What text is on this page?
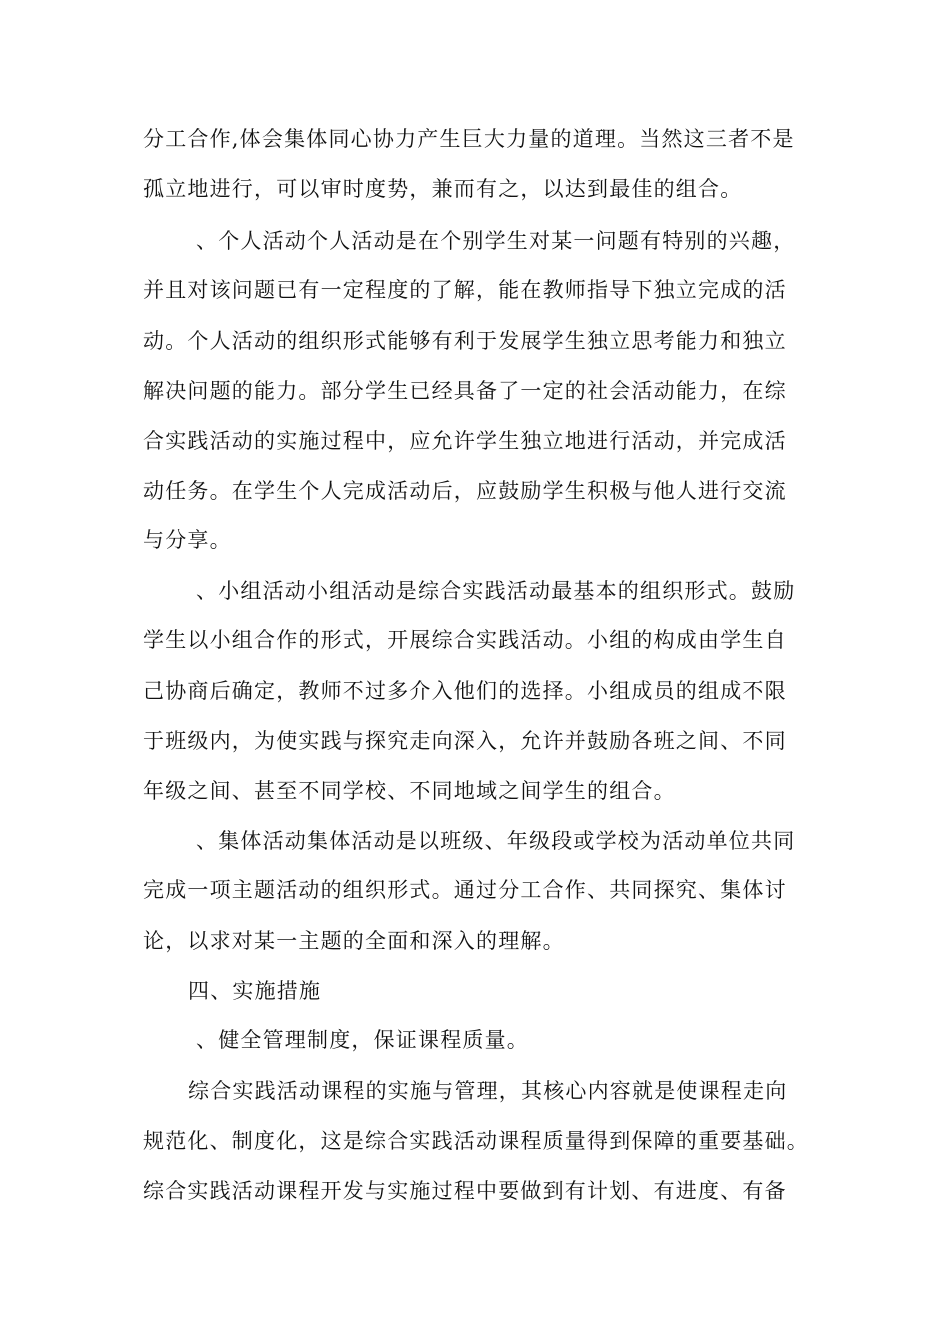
分工合作,体会集体同心协力产生巨大力量的道理。当然这三者不是
孤立地进行，可以审时度势，兼而有之，以达到最佳的组合。
、个人活动个人活动是在个别学生对某一问题有特别的兴趣，
并且对该问题已有一定程度的了解，能在教师指导下独立完成的活
动。个人活动的组织形式能够有利于发展学生独立思考能力和独立
解决问题的能力。部分学生已经具备了一定的社会活动能力，在综
合实践活动的实施过程中，应允许学生独立地进行活动，并完成活
动任务。在学生个人完成活动后，应鼓励学生积极与他人进行交流
与分享。
、小组活动小组活动是综合实践活动最基本的组织形式。鼓励
学生以小组合作的形式，开展综合实践活动。小组的构成由学生自
己协商后确定，教师不过多介入他们的选择。小组成员的组成不限
于班级内，为使实践与探究走向深入，允许并鼓励各班之间、不同
年级之间、甚至不同学校、不同地域之间学生的组合。
、集体活动集体活动是以班级、年级段或学校为活动单位共同
完成一项主题活动的组织形式。通过分工合作、共同探究、集体讨
论，以求对某一主题的全面和深入的理解。
四、实施措施
、健全管理制度，保证课程质量。
综合实践活动课程的实施与管理，其核心内容就是使课程走向
规范化、制度化，这是综合实践活动课程质量得到保障的重要基础。
综合实践活动课程开发与实施过程中要做到有计划、有进度、有备
